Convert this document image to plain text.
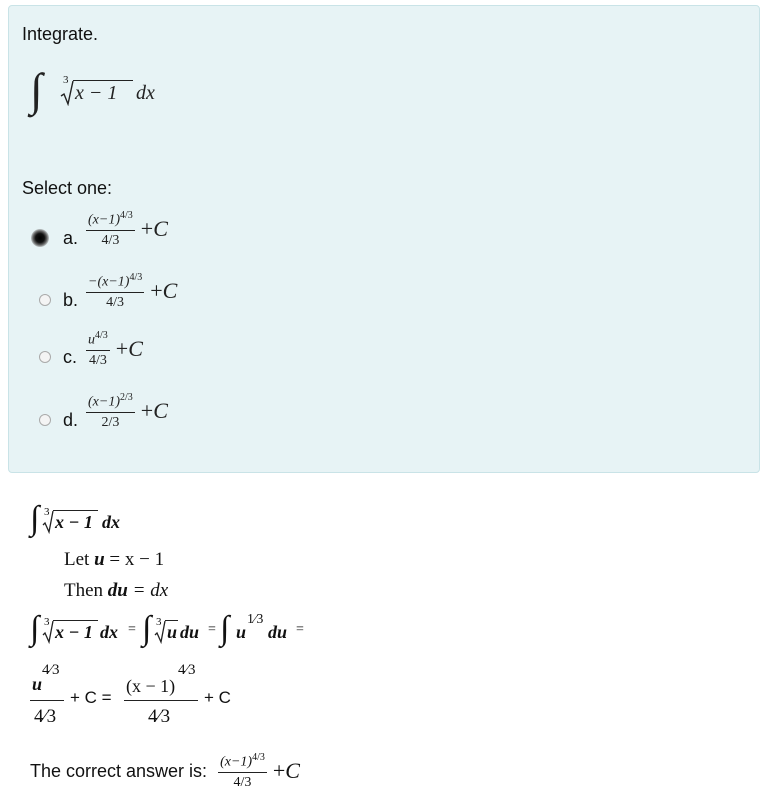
Integrate.
∫ 3
x − 1 dx
Select one:
a. $\frac{(x-1)^{4/3}}{4/3} +C$
b. $\frac{-(x-1)^{4/3}}{4/3} +C$
c. $\frac{u^{4/3}}{4/3} +C$
d. $\frac{(x-1)^{2/3}}{2/3} +C$
∫ 3 x − 1 dx
Let u = x − 1
Then du = dx
∫ 3 x − 1 dx = ∫ 3 u du = ∫ u
1⁄3
du =
u
4⁄3
4⁄3
+ C =
(x − 1)
4⁄3
4⁄3
+ C
The correct answer is: $\frac{(x-1)^{4/3}}{4/3} +C$
